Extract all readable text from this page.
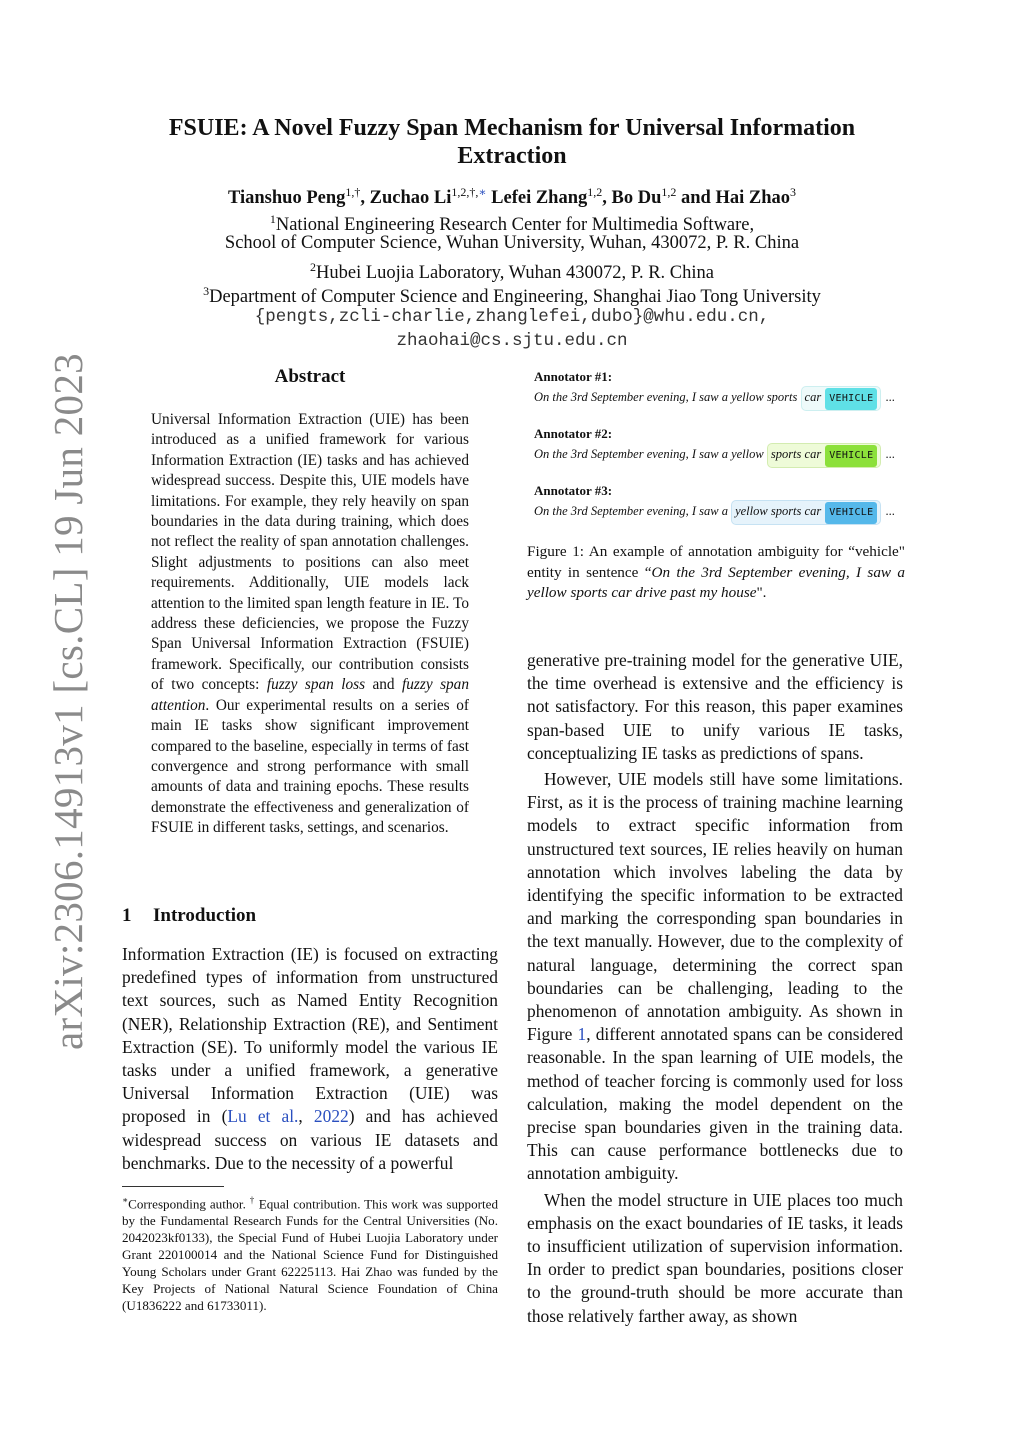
arXiv:2306.14913v1 [cs.CL] 19 Jun 2023
FSUIE: A Novel Fuzzy Span Mechanism for Universal Information
Extraction
Tianshuo Peng$^{1,\dagger}$, Zuchao $Li^{1,2,\dagger,∗}$ Lefei Zhang$^{1,2}$, Bo Du$^{1,2}$ and Hai Zhao$^3$
$^1$National Engineering Research Center for Multimedia Software,
School of Computer Science, Wuhan University, Wuhan, 430072, P. R. China
$^2$Hubei Luojia Laboratory, Wuhan 430072, P. R. China
$^3$Department of Computer Science and Engineering, Shanghai Jiao Tong University
{pengts,zcli-charlie,zhanglefei,dubo}@whu.edu.cn,
zhaohai@cs.sjtu.edu.cn
Abstract
Universal Information Extraction (UIE) has been introduced as a unified framework for various Information Extraction (IE) tasks and has achieved widespread success. Despite this, UIE models have limitations. For example, they rely heavily on span boundaries in the data during training, which does not reflect the reality of span annotation challenges. Slight adjustments to positions can also meet requirements. Additionally, UIE models lack attention to the limited span length feature in IE. To address these deficiencies, we propose the Fuzzy Span Universal Information Extraction (FSUIE) framework. Specifically, our contribution consists of two concepts: fuzzy span loss and fuzzy span attention. Our experimental results on a series of main IE tasks show significant improvement compared to the baseline, especially in terms of fast convergence and strong performance with small amounts of data and training epochs. These results demonstrate the effectiveness and generalization of FSUIE in different tasks, settings, and scenarios.
1 Introduction
Information Extraction (IE) is focused on extracting predefined types of information from unstructured text sources, such as Named Entity Recognition (NER), Relationship Extraction (RE), and Sentiment Extraction (SE). To uniformly model the various IE tasks under a unified framework, a generative Universal Information Extraction (UIE) was proposed in (Lu et al., 2022) and has achieved widespread success on various IE datasets and benchmarks. Due to the necessity of a powerful
∗Corresponding author. † Equal contribution. This work was supported by the Fundamental Research Funds for the Central Universities (No. 2042023kf0133), the Special Fund of Hubei Luojia Laboratory under Grant 220100014 and the National Science Fund for Distinguished Young Scholars under Grant 62225113. Hai Zhao was funded by the Key Projects of National Natural Science Foundation of China (U1836222 and 61733011).
Annotator #1:
On the 3rd September evening, I saw a yellow sports car VEHICLE ...
Annotator #2:
On the 3rd September evening, I saw a yellow sports car VEHICLE ...
Annotator #3:
On the 3rd September evening, I saw a yellow sports car VEHICLE ...
Figure 1: An example of annotation ambiguity for “vehicle" entity in sentence “On the 3rd September evening, I saw a yellow sports car drive past my house".

generative pre-training model for the generative UIE, the time overhead is extensive and the efficiency is not satisfactory. For this reason, this paper examines span-based UIE to unify various IE tasks, conceptualizing IE tasks as predictions of spans.

However, UIE models still have some limitations. First, as it is the process of training machine learning models to extract specific information from unstructured text sources, IE relies heavily on human annotation which involves labeling the data by identifying the specific information to be extracted and marking the corresponding span boundaries in the text manually. However, due to the complexity of natural language, determining the correct span boundaries can be challenging, leading to the phenomenon of annotation ambiguity. As shown in Figure 1, different annotated spans can be considered reasonable. In the span learning of UIE models, the method of teacher forcing is commonly used for loss calculation, making the model dependent on the precise span boundaries given in the training data. This can cause performance bottlenecks due to annotation ambiguity.

When the model structure in UIE places too much emphasis on the exact boundaries of IE tasks, it leads to insufficient utilization of supervision information. In order to predict span boundaries, positions closer to the ground-truth should be more accurate than those relatively farther away, as shown
